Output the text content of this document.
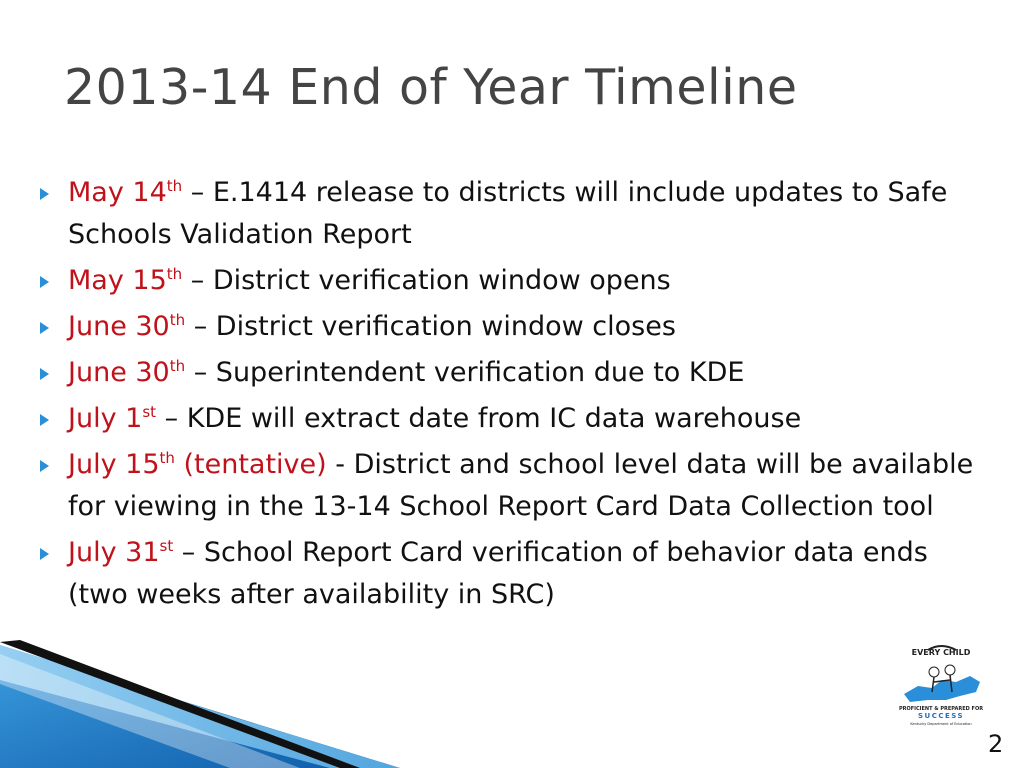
2013-14 End of Year Timeline
May 14th – E.1414 release to districts will include updates to Safe Schools Validation Report
May 15th – District verification window opens
June 30th – District verification window closes
June 30th – Superintendent verification due to KDE
July 1st – KDE will extract date from IC data warehouse
July 15th (tentative) - District and school level data will be available for viewing in the 13-14 School Report Card Data Collection tool
July 31st – School Report Card verification of behavior data ends (two weeks after availability in SRC)
EVERY CHILD
PROFICIENT & PREPARED FOR
SUCCESS
Kentucky Department of Education
2
